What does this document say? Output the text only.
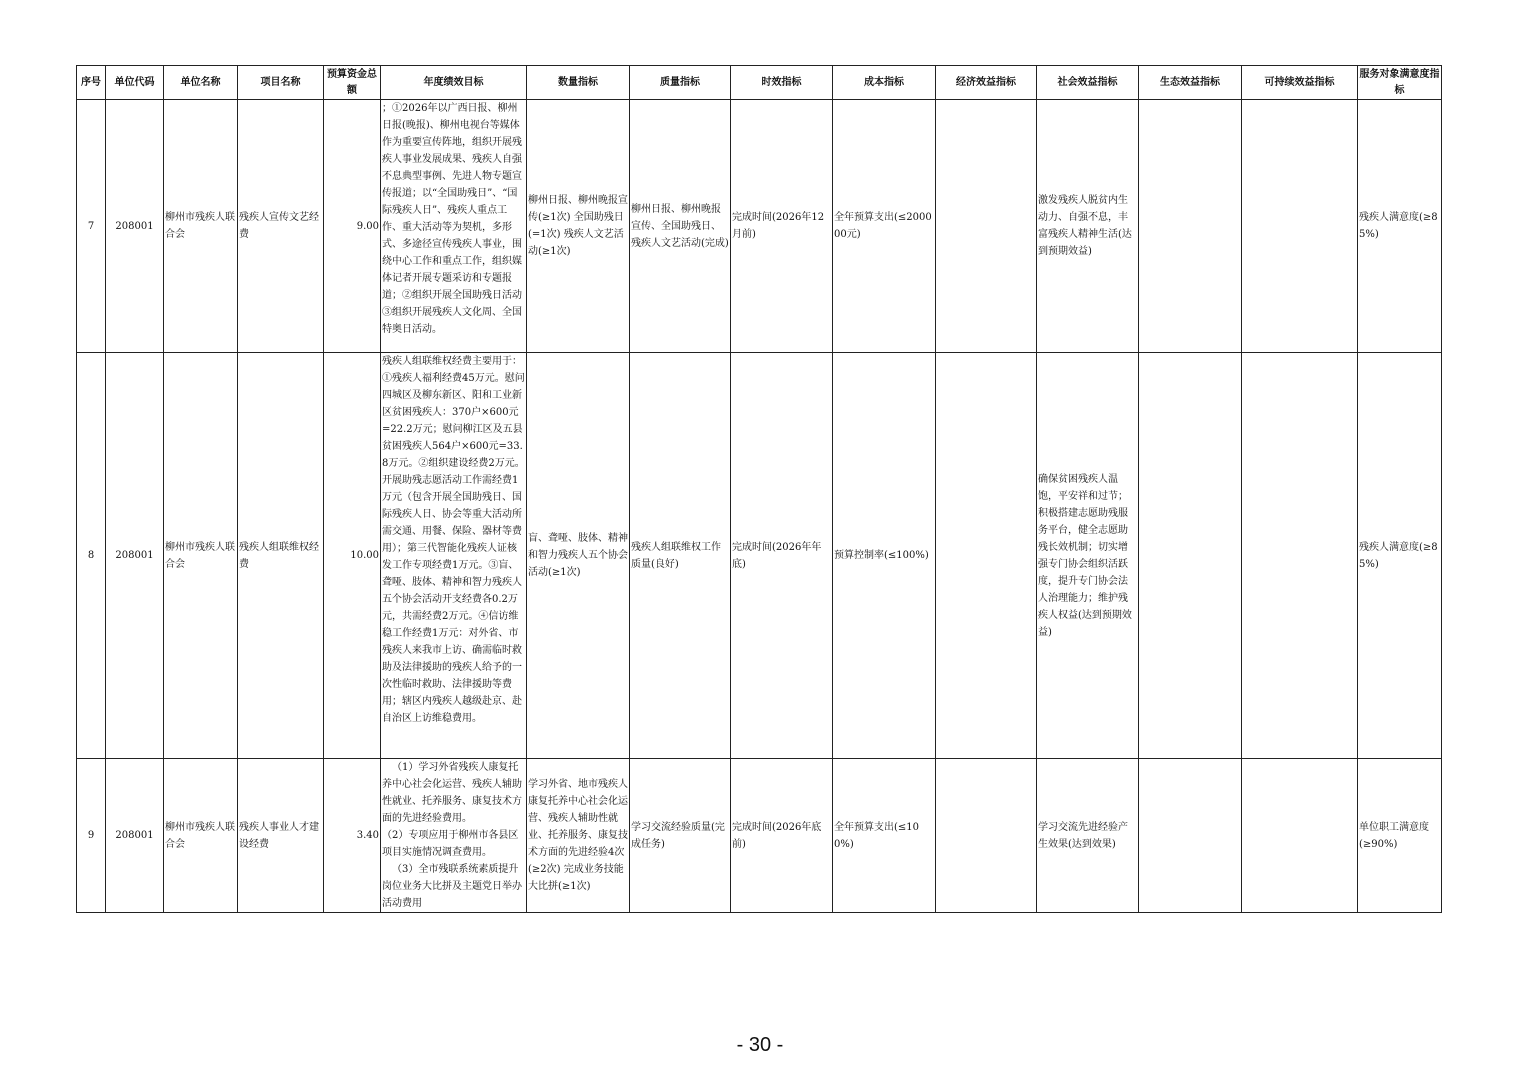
序号	单位代码	单位名称	项目名称	预算资金总额	年度绩效目标	数量指标	质量指标	时效指标	成本指标	经济效益指标	社会效益指标	生态效益指标	可持续效益指标	服务对象满意度指标
7	208001	柳州市残疾人联合会	残疾人宣传文艺经费	9.00	；①2026年以广西日报、柳州日报(晚报)、柳州电视台等媒体作为重要宣传阵地，组织开展残疾人事业发展成果、残疾人自强不息典型事例、先进人物专题宣传报道；以“全国助残日”、“国际残疾人日”、残疾人重点工作、重大活动等为契机，多形式、多途径宣传残疾人事业，围绕中心工作和重点工作，组织媒体记者开展专题采访和专题报道；②组织开展全国助残日活动③组织开展残疾人文化周、全国特奥日活动。	柳州日报、柳州晚报宣传(≥1次) 全国助残日(=1次) 残疾人文艺活动(≥1次)	柳州日报、柳州晚报宣传、全国助残日、残疾人文艺活动(完成)	完成时间(2026年12月前)	全年预算支出(≤200000元)		激发残疾人脱贫内生动力、自强不息，丰富残疾人精神生活(达到预期效益)			残疾人满意度(≥85%)
8	208001	柳州市残疾人联合会	残疾人组联维权经费	10.00	残疾人组联维权经费主要用于：①残疾人福利经费45万元。慰问四城区及柳东新区、阳和工业新区贫困残疾人：370户×600元=22.2万元；慰问柳江区及五县贫困残疾人564户×600元=33.8万元。②组织建设经费2万元。开展助残志愿活动工作需经费1万元（包含开展全国助残日、国际残疾人日、协会等重大活动所需交通、用餐、保险、器材等费用）；第三代智能化残疾人证核发工作专项经费1万元。③盲、聋哑、肢体、精神和智力残疾人五个协会活动开支经费各0.2万元，共需经费2万元。④信访维稳工作经费1万元：对外省、市残疾人来我市上访、确需临时救助及法律援助的残疾人给予的一次性临时救助、法律援助等费用；辖区内残疾人越级赴京、赴自治区上访维稳费用。	盲、聋哑、肢体、精神和智力残疾人五个协会活动(≥1次)	残疾人组联维权工作质量(良好)	完成时间(2026年年底)	预算控制率(≤100%)		确保贫困残疾人温饱，平安祥和过节；积极搭建志愿助残服务平台，健全志愿助残长效机制；切实增强专门协会组织活跃度，提升专门协会法人治理能力；维护残疾人权益(达到预期效益)			残疾人满意度(≥85%)
9	208001	柳州市残疾人联合会	残疾人事业人才建设经费	3.40	（1）学习外省残疾人康复托养中心社会化运营、残疾人辅助性就业、托养服务、康复技术方面的先进经验费用。
（2）专项应用于柳州市各县区项目实施情况调查费用。
（3）全市残联系统素质提升岗位业务大比拼及主题党日举办活动费用	学习外省、地市残疾人康复托养中心社会化运营、残疾人辅助性就业、托养服务、康复技术方面的先进经验4次(≥2次) 完成业务技能大比拼(≥1次)	学习交流经验质量(完成任务)	完成时间(2026年底前)	全年预算支出(≤100%)		学习交流先进经验产生效果(达到效果)			单位职工满意度(≥90%)
- 30 -
